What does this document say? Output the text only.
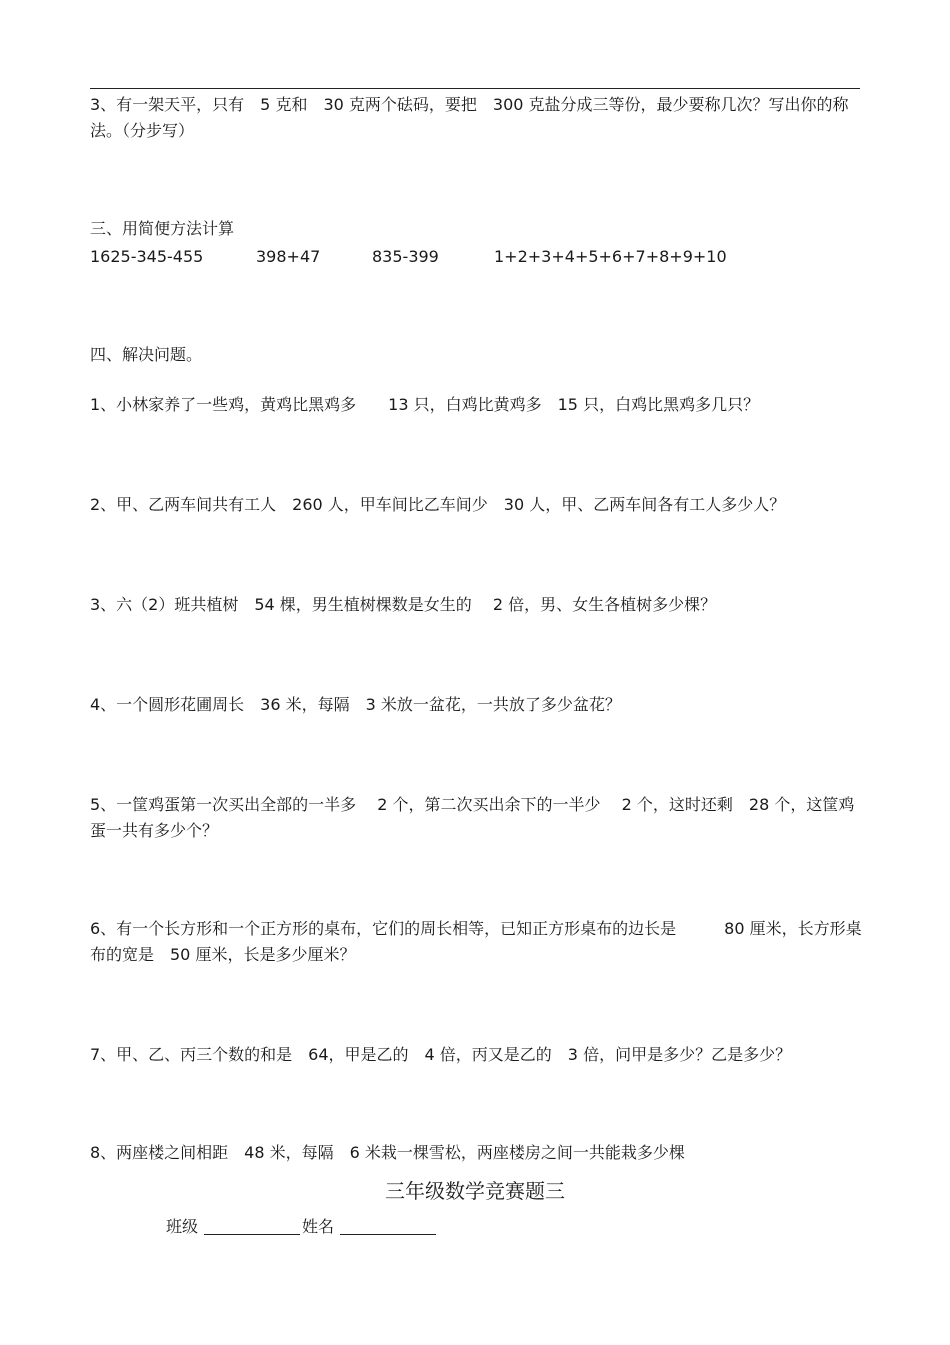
3、有一架天平，只有　5 克和　30 克两个砝码，要把　300 克盐分成三等份，最少要称几次？写出你的称法。（分步写）
三、用简便方法计算
1625-345-455	398+47	835-399	1+2+3+4+5+6+7+8+9+10
四、解决问题。
1、小林家养了一些鸡，黄鸡比黑鸡多　　13 只，白鸡比黄鸡多　15 只，白鸡比黑鸡多几只？
2、甲、乙两车间共有工人　260 人，甲车间比乙车间少　30 人，甲、乙两车间各有工人多少人？
3、六（2）班共植树　54 棵，男生植树棵数是女生的　 2 倍，男、女生各植树多少棵？
4、一个圆形花圃周长　36 米，每隔　3 米放一盆花，一共放了多少盆花？
5、一筐鸡蛋第一次买出全部的一半多　 2 个，第二次买出余下的一半少　 2 个，这时还剩　28 个，这筐鸡蛋一共有多少个？
6、有一个长方形和一个正方形的桌布，它们的周长相等，已知正方形桌布的边长是　　　80 厘米，长方形桌布的宽是　50 厘米，长是多少厘米？
7、甲、乙、丙三个数的和是　64，甲是乙的　4 倍，丙又是乙的　3 倍，问甲是多少？乙是多少？
8、两座楼之间相距　48 米，每隔　6 米栽一棵雪松，两座楼房之间一共能栽多少棵
三年级数学竞赛题三
班级	姓名
